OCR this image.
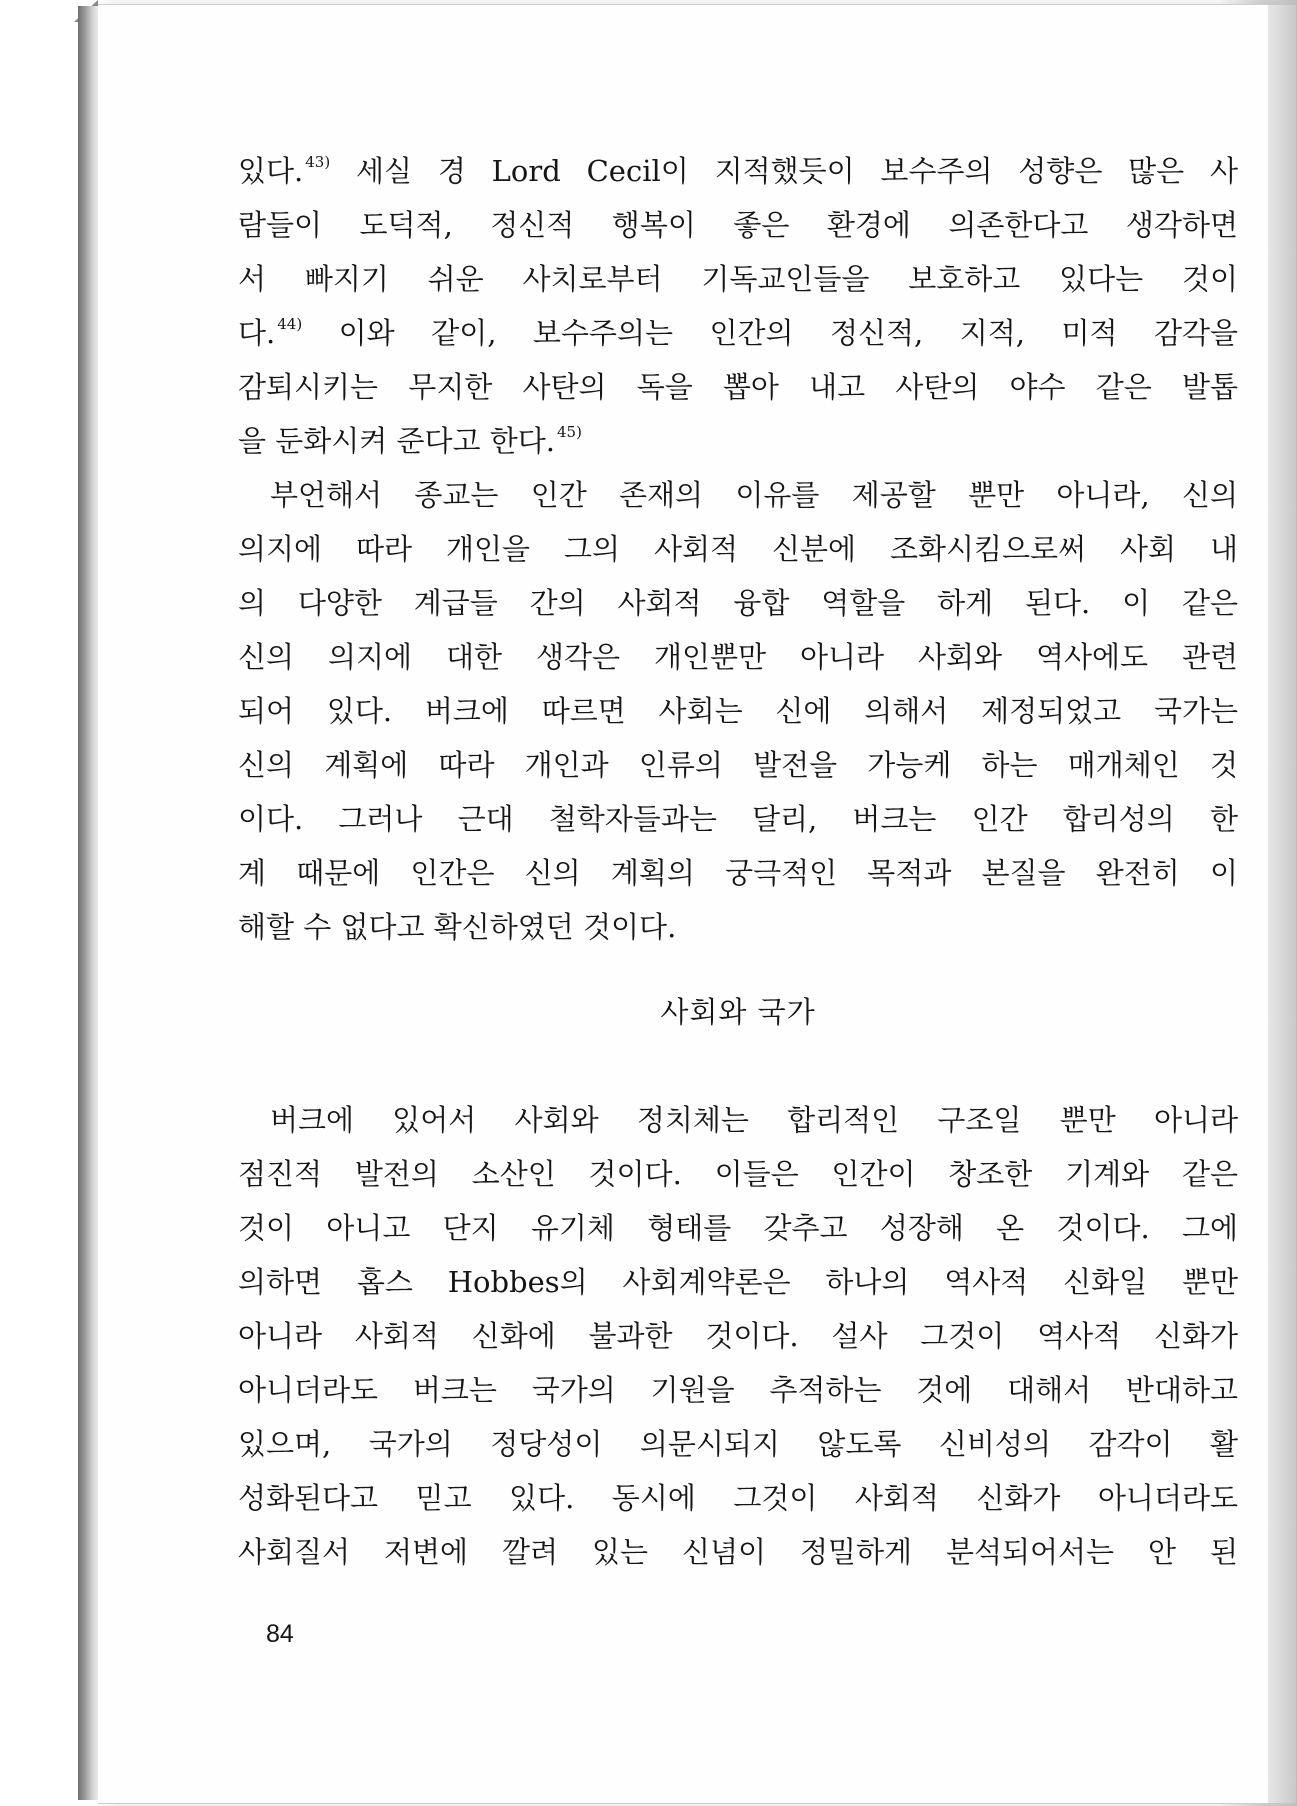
있다. $^{43)}$ 세실 경 Lord Cecil이 지적했듯이 보수주의 성향은 많은 사
람들이 도덕적, 정신적 행복이 좋은 환경에 의존한다고 생각하면
서 빠지기 쉬운 사치로부터 기독교인들을 보호하고 있다는 것이
다. $^{44)}$ 이와 같이, 보수주의는 인간의 정신적, 지적, 미적 감각을
감퇴시키는 무지한 사탄의 독을 뽑아 내고 사탄의 야수 같은 발톱
을 둔화시켜 준다고 한다. $^{45)}$
부언해서 종교는 인간 존재의 이유를 제공할 뿐만 아니라, 신의
의지에 따라 개인을 그의 사회적 신분에 조화시킴으로써 사회 내
의 다양한 계급들 간의 사회적 융합 역할을 하게 된다. 이 같은
신의 의지에 대한 생각은 개인뿐만 아니라 사회와 역사에도 관련
되어 있다. 버크에 따르면 사회는 신에 의해서 제정되었고 국가는
신의 계획에 따라 개인과 인류의 발전을 가능케 하는 매개체인 것
이다. 그러나 근대 철학자들과는 달리, 버크는 인간 합리성의 한
계 때문에 인간은 신의 계획의 궁극적인 목적과 본질을 완전히 이
해할 수 없다고 확신하였던 것이다.
사회와 국가
버크에 있어서 사회와 정치체는 합리적인 구조일 뿐만 아니라
점진적 발전의 소산인 것이다. 이들은 인간이 창조한 기계와 같은
것이 아니고 단지 유기체 형태를 갖추고 성장해 온 것이다. 그에
의하면 홉스 Hobbes의 사회계약론은 하나의 역사적 신화일 뿐만
아니라 사회적 신화에 불과한 것이다. 설사 그것이 역사적 신화가
아니더라도 버크는 국가의 기원을 추적하는 것에 대해서 반대하고
있으며, 국가의 정당성이 의문시되지 않도록 신비성의 감각이 활
성화된다고 믿고 있다. 동시에 그것이 사회적 신화가 아니더라도
사회질서 저변에 깔려 있는 신념이 정밀하게 분석되어서는 안 된
84
